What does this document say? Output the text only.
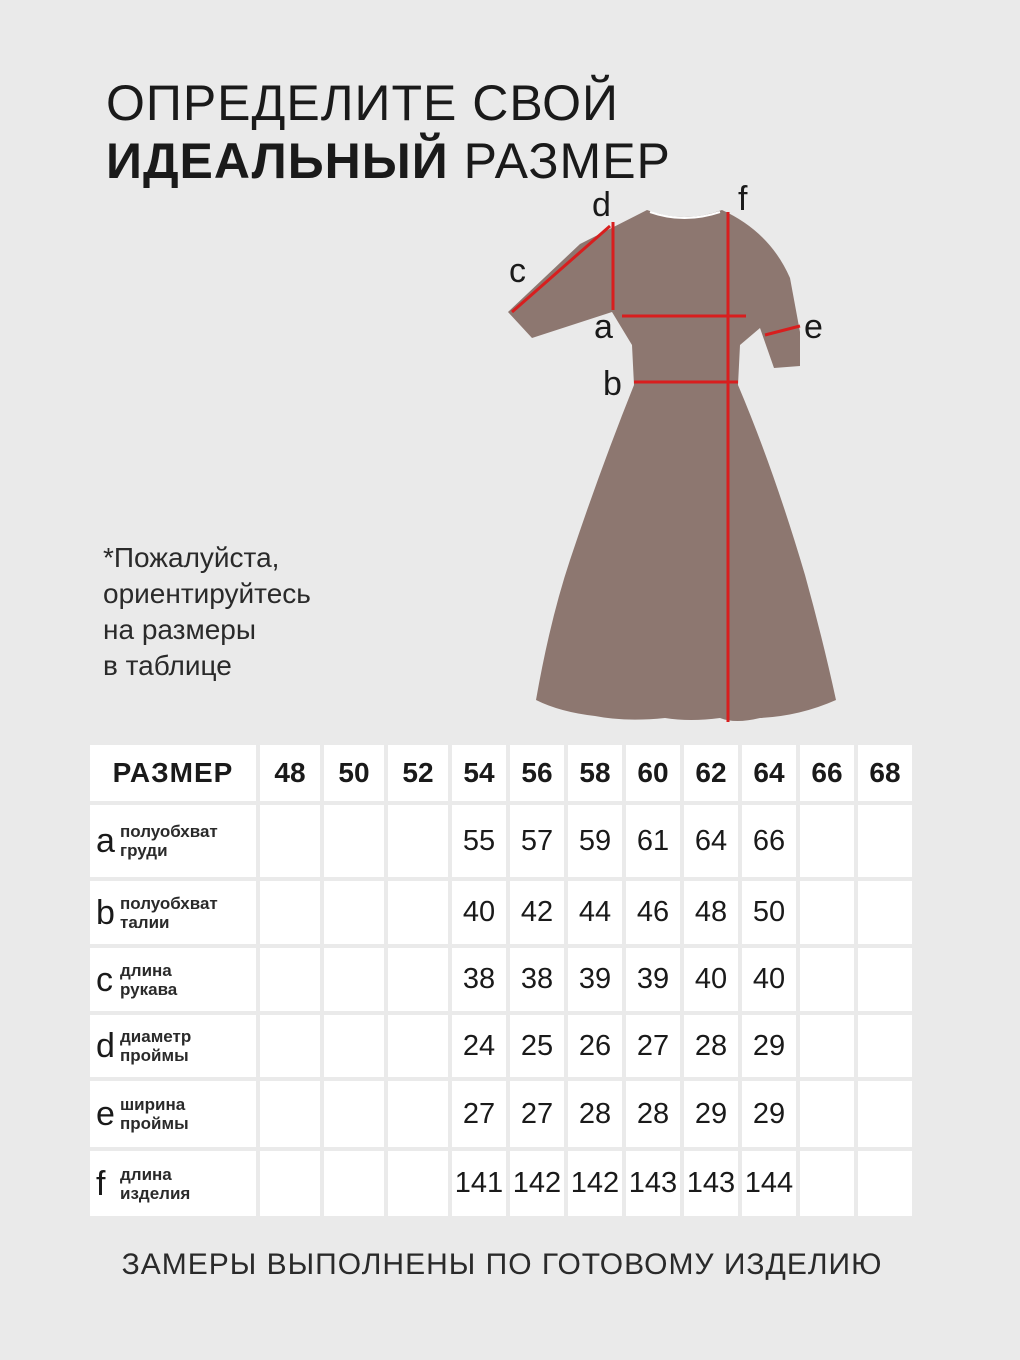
ОПРЕДЕЛИТЕ СВОЙ
ИДЕАЛЬНЫЙ РАЗМЕР
*Пожалуйста,
ориентируйтесь
на размеры
в таблице
a
b
c
d
e
f
РАЗМЕР	48	50	52	54	56	58	60	62	64	66	68

a полуобхват
груди				55	57	59	61	64	66		

b полуобхват
талии				40	42	44	46	48	50		

c длина
рукава				38	38	39	39	40	40		

d диаметр
проймы				24	25	26	27	28	29		

e ширина
проймы				27	27	28	28	29	29		

f длина
изделия				141	142	142	143	143	144		
ЗАМЕРЫ ВЫПОЛНЕНЫ ПО ГОТОВОМУ ИЗДЕЛИЮ
